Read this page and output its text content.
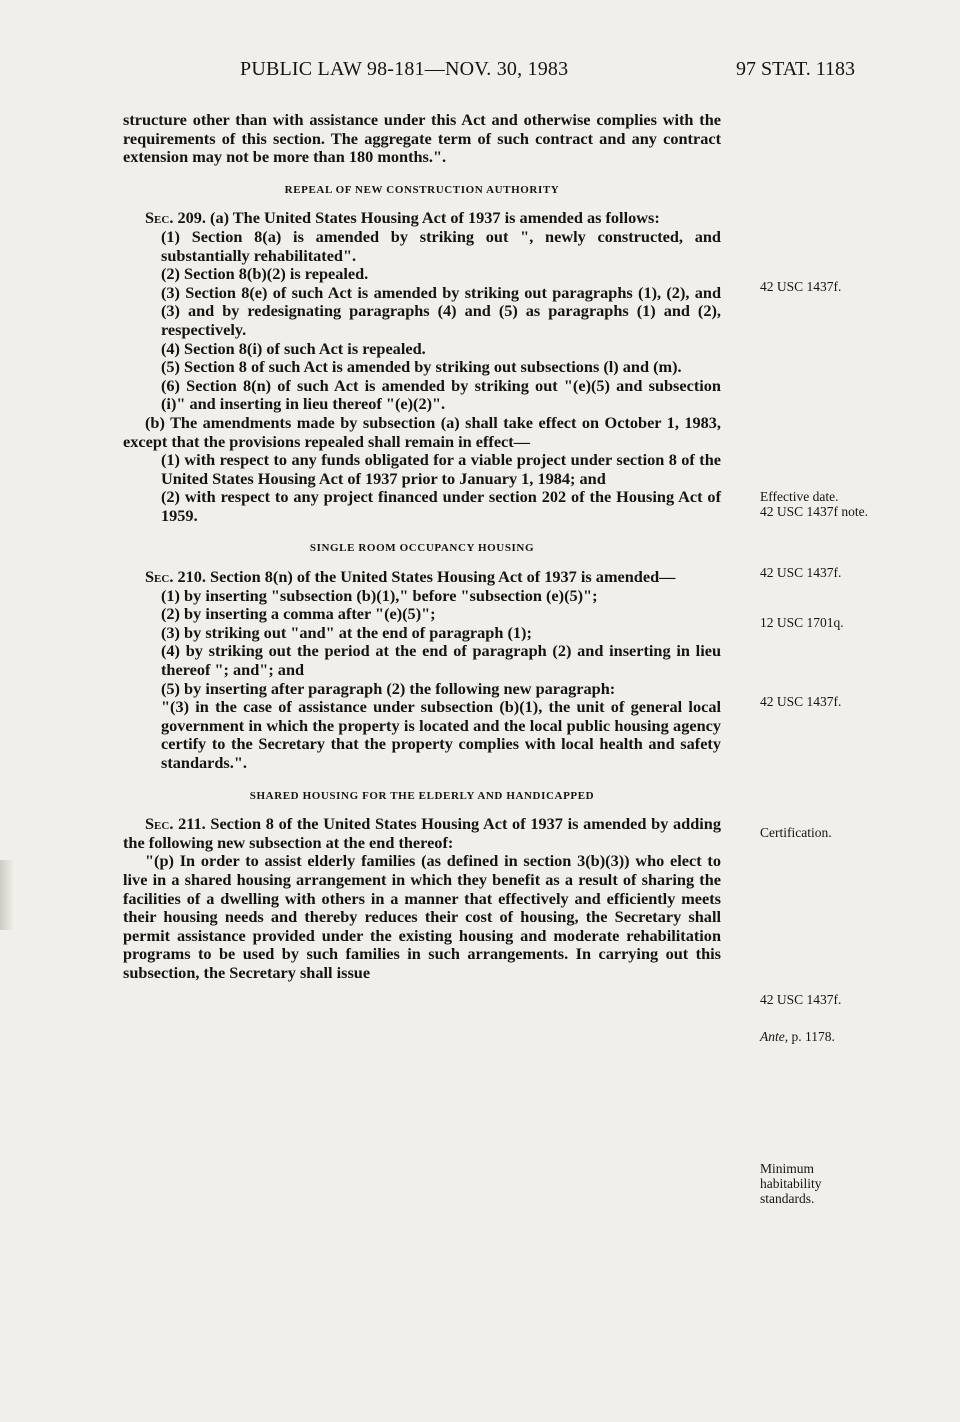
PUBLIC LAW 98-181—NOV. 30, 1983	97 STAT. 1183

structure other than with assistance under this Act and otherwise complies with the requirements of this section. The aggregate term of such contract and any contract extension may not be more than 180 months.".

REPEAL OF NEW CONSTRUCTION AUTHORITY

Sec. 209. (a) The United States Housing Act of 1937 is amended as follows:

(1) Section 8(a) is amended by striking out ", newly constructed, and substantially rehabilitated".

(2) Section 8(b)(2) is repealed.

(3) Section 8(e) of such Act is amended by striking out paragraphs (1), (2), and (3) and by redesignating paragraphs (4) and (5) as paragraphs (1) and (2), respectively.

(4) Section 8(i) of such Act is repealed.

(5) Section 8 of such Act is amended by striking out subsections (l) and (m).

(6) Section 8(n) of such Act is amended by striking out "(e)(5) and subsection (i)" and inserting in lieu thereof "(e)(2)".

(b) The amendments made by subsection (a) shall take effect on October 1, 1983, except that the provisions repealed shall remain in effect—

(1) with respect to any funds obligated for a viable project under section 8 of the United States Housing Act of 1937 prior to January 1, 1984; and

(2) with respect to any project financed under section 202 of the Housing Act of 1959.

SINGLE ROOM OCCUPANCY HOUSING

Sec. 210. Section 8(n) of the United States Housing Act of 1937 is amended—

(1) by inserting "subsection (b)(1)," before "subsection (e)(5)";

(2) by inserting a comma after "(e)(5)";

(3) by striking out "and" at the end of paragraph (1);

(4) by striking out the period at the end of paragraph (2) and inserting in lieu thereof "; and"; and

(5) by inserting after paragraph (2) the following new paragraph:

"(3) in the case of assistance under subsection (b)(1), the unit of general local government in which the property is located and the local public housing agency certify to the Secretary that the property complies with local health and safety standards.".

SHARED HOUSING FOR THE ELDERLY AND HANDICAPPED

Sec. 211. Section 8 of the United States Housing Act of 1937 is amended by adding the following new subsection at the end thereof:

"(p) In order to assist elderly families (as defined in section 3(b)(3)) who elect to live in a shared housing arrangement in which they benefit as a result of sharing the facilities of a dwelling with others in a manner that effectively and efficiently meets their housing needs and thereby reduces their cost of housing, the Secretary shall permit assistance provided under the existing housing and moderate rehabilitation programs to be used by such families in such arrangements. In carrying out this subsection, the Secretary shall issue

42 USC 1437f.
Effective date.
42 USC 1437f note.
42 USC 1437f.
12 USC 1701q.
42 USC 1437f.
Certification.
42 USC 1437f.
Ante, p. 1178.
Minimum habitability standards.
